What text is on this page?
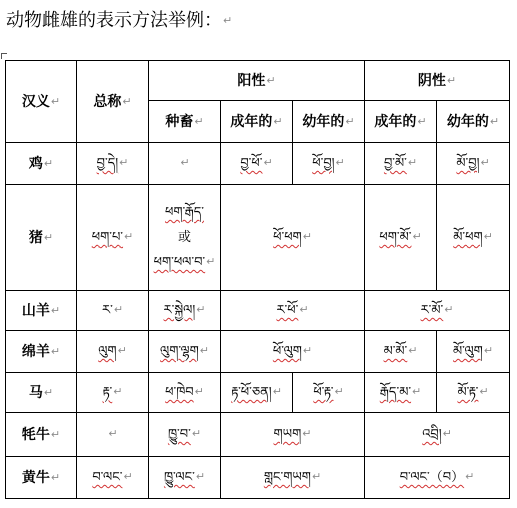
动物雌雄的表示方法举例：↵
汉义↵	总称↵	阳性↵			阴性↵
		种畜↵	成年的↵	幼年的↵	成年的↵	幼年的↵
鸡↵	བྱ་དེ།↵	↵	བྱ་ཕོ་↵	ཕོ་བྱ།↵	བྱ་མོ་↵	མོ་བྱ།↵
猪↵	ཕག་པ་↵	ཕག་རྒོད་
或
ཕག་ཕལ་བ་↵	ཕོ་ཕག↵		ཕག་མོ་↵	མོ་ཕག↵
山羊↵	ར་↵	ར་སྐྱེལ།↵	ར་ཕོ་↵		ར་མོ་↵
绵羊↵	ལུག↵	ལུག་ལྷག↵	ཕོ་ལུག↵		མ་མོ་↵	མོ་ལུག↵
马↵	རྟ་↵	ཕ་ཁེབ↵	རྟ་ཕོ་ཅན།↵	ཕོ་རྟ་↵	རྒོད་མ་↵	མོ་རྟ་↵
牦牛↵	↵	ཁྱུ་བ་↵	གཡག↵		འབྲི།↵
黄牛↵	བ་ལང་↵	ཁྱུ་ལང་↵	གླང་གཡག↵		བ་ལང་（བ）↵
